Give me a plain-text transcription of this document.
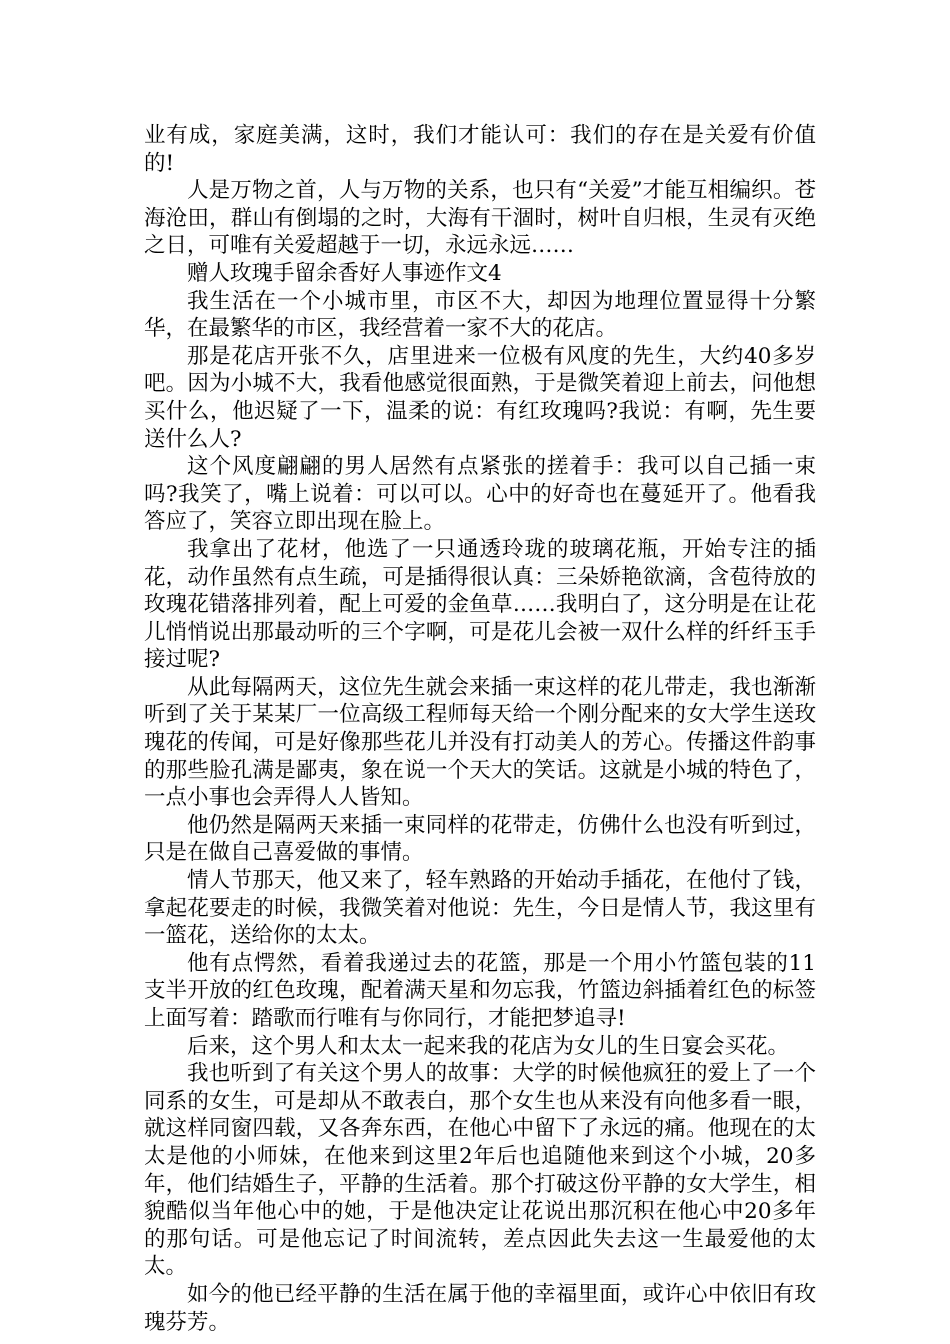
业有成，家庭美满，这时，我们才能认可：我们的存在是关爱有价值的!

人是万物之首，人与万物的关系，也只有“关爱”才能互相编织。苍海沧田，群山有倒塌的之时，大海有干涸时，树叶自归根，生灵有灭绝之日，可唯有关爱超越于一切，永远永远……

赠人玫瑰手留余香好人事迹作文4

我生活在一个小城市里，市区不大，却因为地理位置显得十分繁华，在最繁华的市区，我经营着一家不大的花店。

那是花店开张不久，店里进来一位极有风度的先生，大约40多岁吧。因为小城不大，我看他感觉很面熟，于是微笑着迎上前去，问他想买什么，他迟疑了一下，温柔的说：有红玫瑰吗?我说：有啊，先生要送什么人?

这个风度翩翩的男人居然有点紧张的搓着手：我可以自己插一束吗?我笑了，嘴上说着：可以可以。心中的好奇也在蔓延开了。他看我答应了，笑容立即出现在脸上。

我拿出了花材，他选了一只通透玲珑的玻璃花瓶，开始专注的插花，动作虽然有点生疏，可是插得很认真：三朵娇艳欲滴，含苞待放的玫瑰花错落排列着，配上可爱的金鱼草……我明白了，这分明是在让花儿悄悄说出那最动听的三个字啊，可是花儿会被一双什么样的纤纤玉手接过呢?

从此每隔两天，这位先生就会来插一束这样的花儿带走，我也渐渐听到了关于某某厂一位高级工程师每天给一个刚分配来的女大学生送玫瑰花的传闻，可是好像那些花儿并没有打动美人的芳心。传播这件韵事的那些脸孔满是鄙夷，象在说一个天大的笑话。这就是小城的特色了，一点小事也会弄得人人皆知。

他仍然是隔两天来插一束同样的花带走，仿佛什么也没有听到过，只是在做自己喜爱做的事情。

情人节那天，他又来了，轻车熟路的开始动手插花，在他付了钱，拿起花要走的时候，我微笑着对他说：先生，今日是情人节，我这里有一篮花，送给你的太太。

他有点愕然，看着我递过去的花篮，那是一个用小竹篮包装的11支半开放的红色玫瑰，配着满天星和勿忘我，竹篮边斜插着红色的标签上面写着：踏歌而行唯有与你同行，才能把梦追寻!

后来，这个男人和太太一起来我的花店为女儿的生日宴会买花。

我也听到了有关这个男人的故事：大学的时候他疯狂的爱上了一个同系的女生，可是却从不敢表白，那个女生也从来没有向他多看一眼，就这样同窗四载，又各奔东西，在他心中留下了永远的痛。他现在的太太是他的小师妹，在他来到这里2年后也追随他来到这个小城，20多年，他们结婚生子，平静的生活着。那个打破这份平静的女大学生，相貌酷似当年他心中的她，于是他决定让花说出那沉积在他心中20多年的那句话。可是他忘记了时间流转，差点因此失去这一生最爱他的太太。

如今的他已经平静的生活在属于他的幸福里面，或许心中依旧有玫瑰芬芳。
